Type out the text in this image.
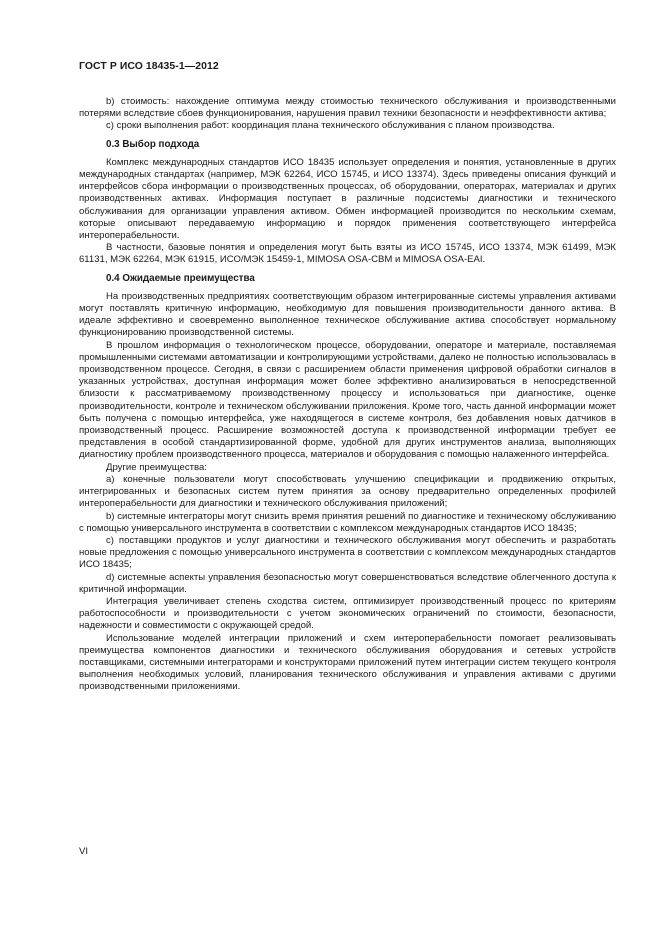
ГОСТ Р ИСО 18435-1—2012

b) стоимость: нахождение оптимума между стоимостью технического обслуживания и производственными потерями вследствие сбоев функционирования, нарушения правил техники безопасности и неэффективности актива;

с) сроки выполнения работ: координация плана технического обслуживания с планом производства.

0.3 Выбор подхода

Комплекс международных стандартов ИСО 18435 использует определения и понятия, установленные в других международных стандартах (например, МЭК 62264, ИСО 15745, и ИСО 13374). Здесь приведены описания функций и интерфейсов сбора информации о производственных процессах, об оборудовании, операторах, материалах и других производственных активах. Информация поступает в различные подсистемы диагностики и технического обслуживания для организации управления активом. Обмен информацией производится по нескольким схемам, которые описывают передаваемую информацию и порядок применения соответствующего интерфейса интероперабельности.

В частности, базовые понятия и определения могут быть взяты из ИСО 15745, ИСО 13374, МЭК 61499, МЭК 61131, МЭК 62264, МЭК 61915, ИСО/МЭК 15459-1, MIMOSA OSA-CBM и MIMOSA OSA-EAI.

0.4 Ожидаемые преимущества

На производственных предприятиях соответствующим образом интегрированные системы управления активами могут поставлять критичную информацию, необходимую для повышения производительности данного актива. В идеале эффективно и своевременно выполненное техническое обслуживание актива способствует нормальному функционированию производственной системы.

В прошлом информация о технологическом процессе, оборудовании, операторе и материале, поставляемая промышленными системами автоматизации и контролирующими устройствами, далеко не полностью использовалась в производственном процессе. Сегодня, в связи с расширением области применения цифровой обработки сигналов в указанных устройствах, доступная информация может более эффективно анализироваться в непосредственной близости к рассматриваемому производственному процессу и использоваться при диагностике, оценке производительности, контроле и техническом обслуживании приложения. Кроме того, часть данной информации может быть получена с помощью интерфейса, уже находящегося в системе контроля, без добавления новых датчиков в производственный процесс. Расширение возможностей доступа к производственной информации требует ее представления в особой стандартизированной форме, удобной для других инструментов анализа, выполняющих диагностику проблем производственного процесса, материалов и оборудования с помощью налаженного интерфейса.

Другие преимущества:

а) конечные пользователи могут способствовать улучшению спецификации и продвижению открытых, интегрированных и безопасных систем путем принятия за основу предварительно определенных профилей интероперабельности для диагностики и технического обслуживания приложений;

b) системные интеграторы могут снизить время принятия решений по диагностике и техническому обслуживанию с помощью универсального инструмента в соответствии с комплексом международных стандартов ИСО 18435;

с) поставщики продуктов и услуг диагностики и технического обслуживания могут обеспечить и разработать новые предложения с помощью универсального инструмента в соответствии с комплексом международных стандартов ИСО 18435;

d) системные аспекты управления безопасностью могут совершенствоваться вследствие облегченного доступа к критичной информации.

Интеграция увеличивает степень сходства систем, оптимизирует производственный процесс по критериям работоспособности и производительности с учетом экономических ограничений по стоимости, безопасности, надежности и совместимости с окружающей средой.

Использование моделей интеграции приложений и схем интероперабельности помогает реализовывать преимущества компонентов диагностики и технического обслуживания оборудования и сетевых устройств поставщиками, системными интеграторами и конструкторами приложений путем интеграции систем текущего контроля выполнения необходимых условий, планирования технического обслуживания и управления активами с другими производственными приложениями.

VI
